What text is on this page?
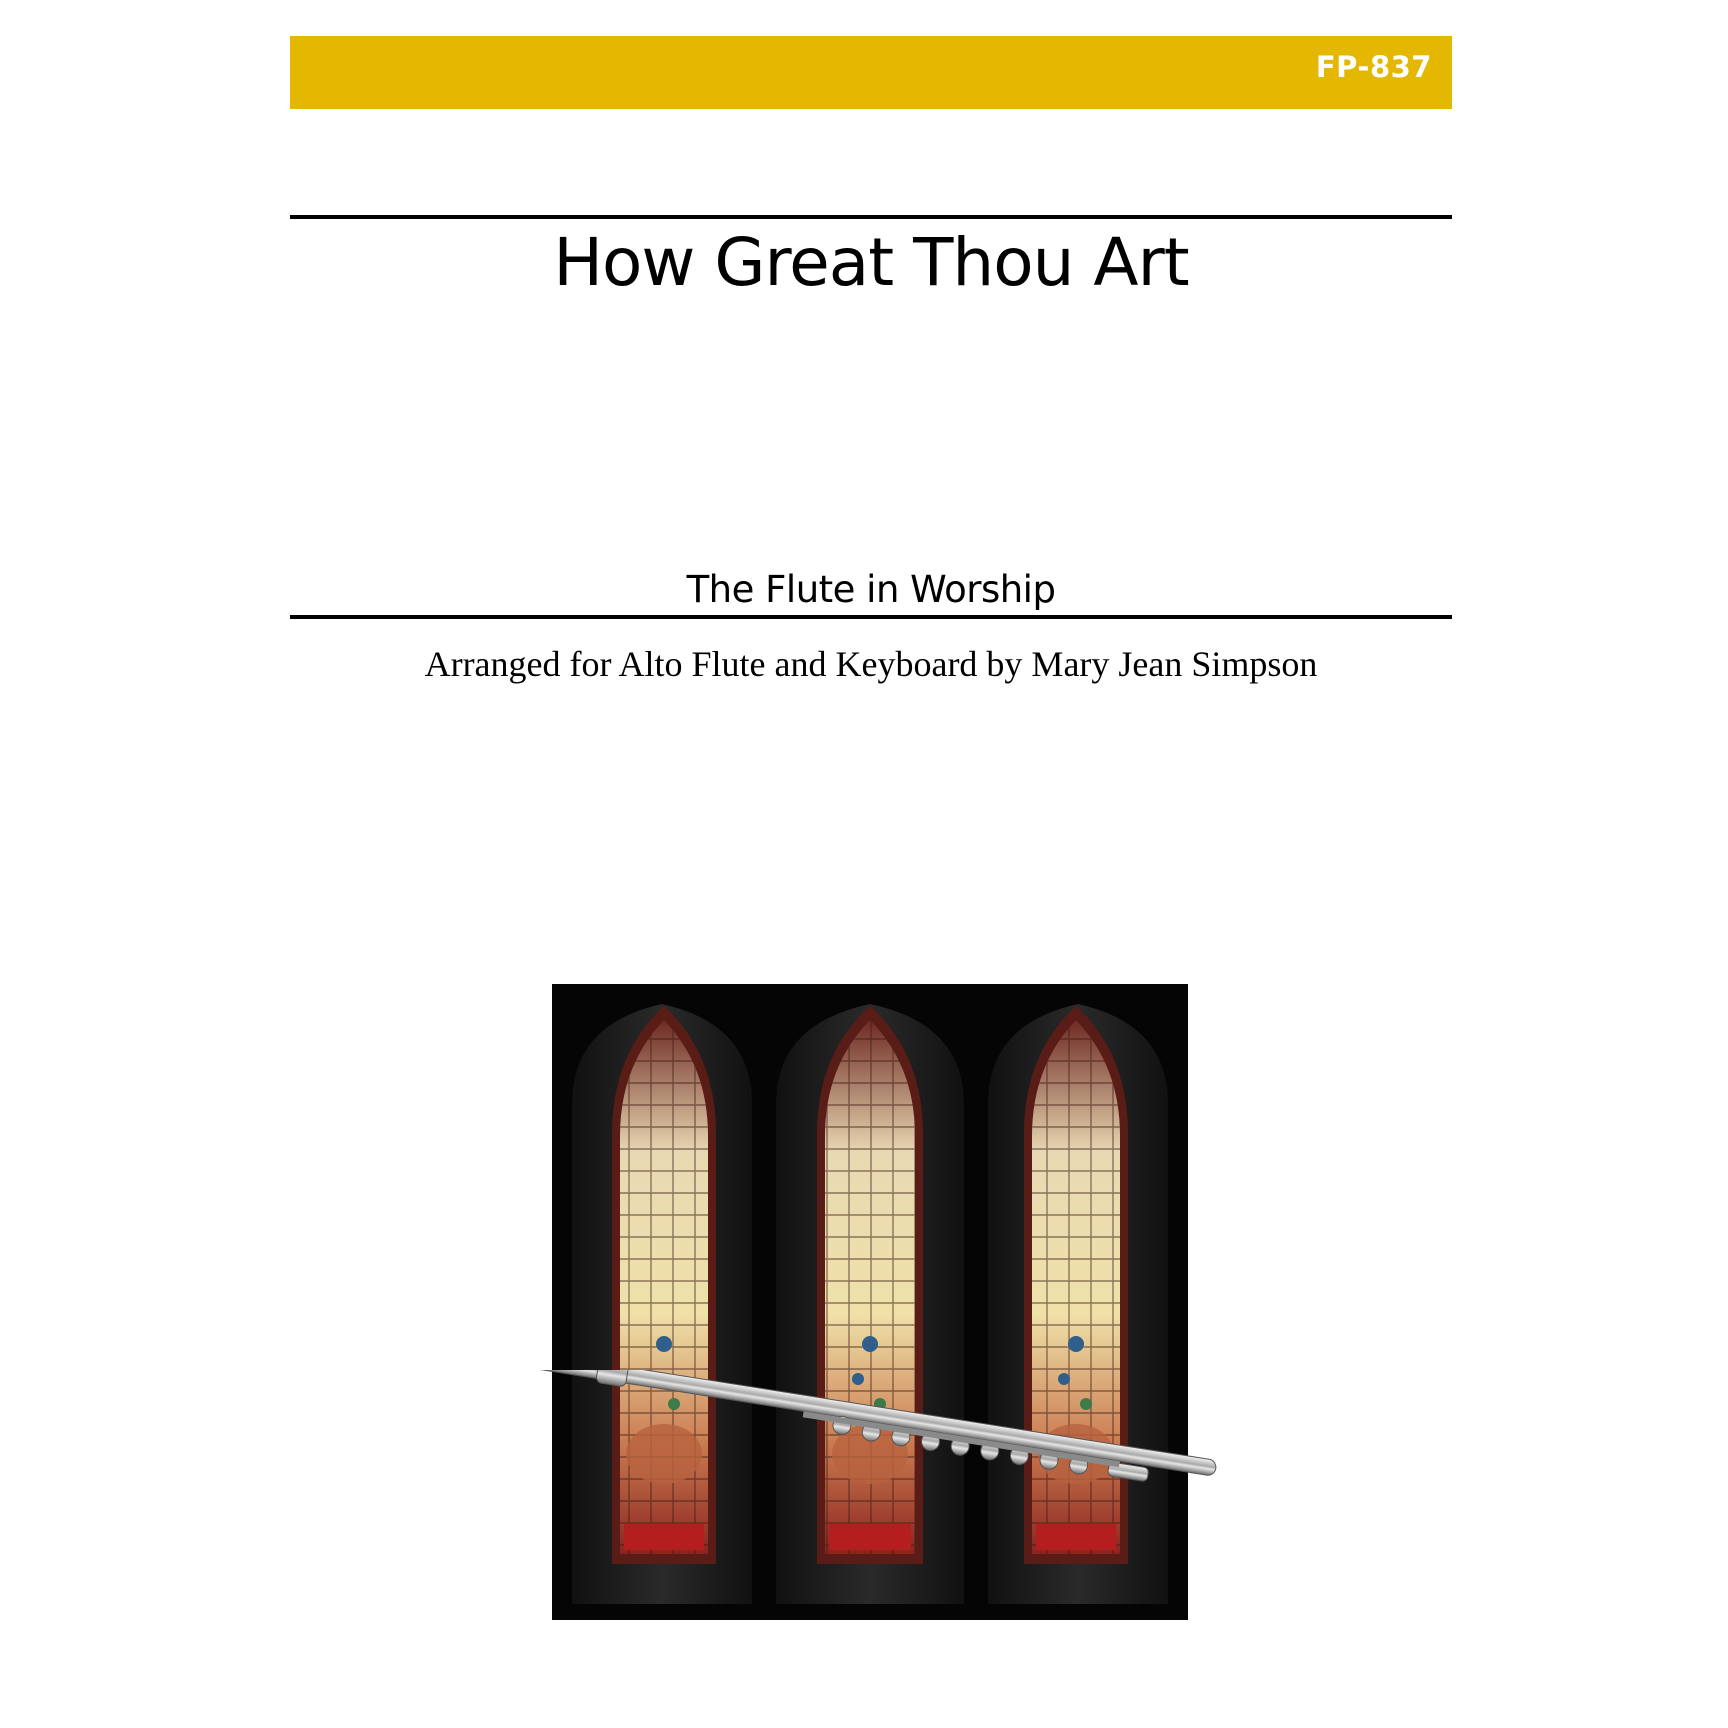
FP-837
How Great Thou Art
The Flute in Worship
Arranged for Alto Flute and Keyboard by Mary Jean Simpson
